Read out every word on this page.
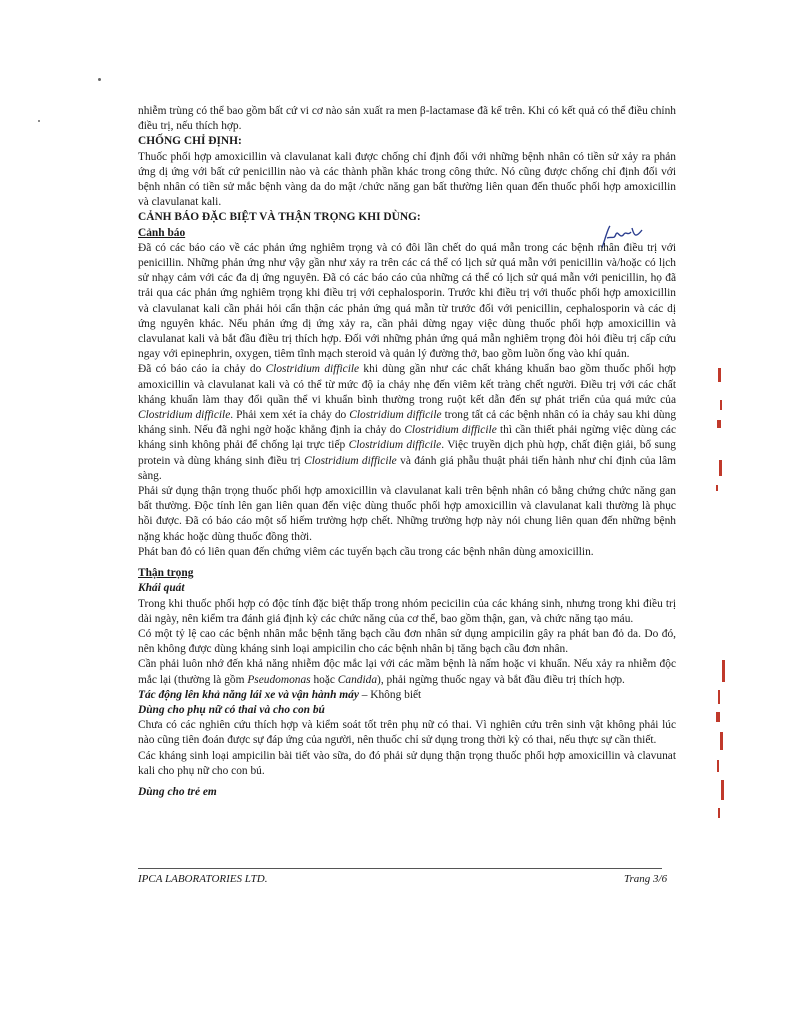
nhiễm trùng có thể bao gồm bất cứ vi cơ nào sản xuất ra men β-lactamase đã kể trên. Khi có kết quả có thể điều chỉnh điều trị, nếu thích hợp.

CHỐNG CHỈ ĐỊNH:

Thuốc phối hợp amoxicillin và clavulanat kali được chống chỉ định đối với những bệnh nhân có tiền sử xảy ra phản ứng dị ứng với bất cứ penicillin nào và các thành phần khác trong công thức. Nó cũng được chống chỉ định đối với bệnh nhân có tiền sử mắc bệnh vàng da do mật /chức năng gan bất thường liên quan đến thuốc phối hợp amoxicillin và clavulanat kali.

CẢNH BÁO ĐẶC BIỆT VÀ THẬN TRỌNG KHI DÙNG:

Cảnh báo

Đã có các báo cáo về các phản ứng nghiêm trọng và có đôi lần chết do quá mẫn trong các bệnh nhân điều trị với penicillin. Những phản ứng như vậy gần như xảy ra trên các cá thể có lịch sử quá mẫn với penicillin và/hoặc có lịch sử nhạy cảm với các đa dị ứng nguyên. Đã có các báo cáo của những cá thể có lịch sử quá mẫn với penicillin, họ đã trải qua các phản ứng nghiêm trọng khi điều trị với cephalosporin. Trước khi điều trị với thuốc phối hợp amoxicillin và clavulanat kali cần phải hỏi cẩn thận các phản ứng quá mẫn từ trước đối với penicillin, cephalosporin và các dị ứng nguyên khác. Nếu phản ứng dị ứng xảy ra, cần phải dừng ngay việc dùng thuốc phối hợp amoxicillin và clavulanat kali và bắt đầu điều trị thích hợp. Đối với những phản ứng quá mẫn nghiêm trọng đòi hỏi điều trị cấp cứu ngay với epinephrin, oxygen, tiêm tĩnh mạch steroid và quản lý đường thở, bao gồm luồn ống vào khí quản.

Đã có báo cáo ỉa chảy do Clostridium difficile khi dùng gần như các chất kháng khuẩn bao gồm thuốc phối hợp amoxicillin và clavulanat kali và có thể từ mức độ ỉa chảy nhẹ đến viêm kết tràng chết người. Điều trị với các chất kháng khuẩn làm thay đổi quần thể vi khuẩn bình thường trong ruột kết dẫn đến sự phát triển của quá mức của Clostridium difficile. Phải xem xét ỉa chảy do Clostridium difficile trong tất cả các bệnh nhân có ỉa chảy sau khi dùng kháng sinh. Nếu đã nghi ngờ hoặc khẳng định ỉa chảy do Clostridium difficile thì cần thiết phải ngừng việc dùng các kháng sinh không phải để chống lại trực tiếp Clostridium difficile. Việc truyền dịch phù hợp, chất điện giải, bổ sung protein và dùng kháng sinh điều trị Clostridium difficile và đánh giá phẫu thuật phải tiến hành như chỉ định của lâm sàng.

Phải sử dụng thận trọng thuốc phối hợp amoxicillin và clavulanat kali trên bệnh nhân có bằng chứng chức năng gan bất thường. Độc tính lên gan liên quan đến việc dùng thuốc phối hợp amoxicillin và clavulanat kali thường là phục hồi được. Đã có báo cáo một số hiếm trường hợp chết. Những trường hợp này nói chung liên quan đến những bệnh nặng khác hoặc dùng thuốc đồng thời.

Phát ban đỏ có liên quan đến chứng viêm các tuyến bạch cầu trong các bệnh nhân dùng amoxicillin.

Thận trọng

Khái quát

Trong khi thuốc phối hợp có độc tính đặc biệt thấp trong nhóm pecicilin của các kháng sinh, nhưng trong khi điều trị dài ngày, nên kiểm tra đánh giá định kỳ các chức năng của cơ thể, bao gồm thận, gan, và chức năng tạo máu.

Có một tỷ lệ cao các bệnh nhân mắc bệnh tăng bạch cầu đơn nhân sử dụng ampicilin gây ra phát ban đỏ da. Do đó, nên không được dùng kháng sinh loại ampicilin cho các bệnh nhân bị tăng bạch cầu đơn nhân.

Cần phải luôn nhớ đến khả năng nhiễm độc mắc lại với các mầm bệnh là nấm hoặc vi khuẩn. Nếu xảy ra nhiễm độc mắc lại (thường là gồm Pseudomonas hoặc Candida), phải ngừng thuốc ngay và bắt đầu điều trị thích hợp.

Tác động lên khả năng lái xe và vận hành máy – Không biết

Dùng cho phụ nữ có thai và cho con bú

Chưa có các nghiên cứu thích hợp và kiểm soát tốt trên phụ nữ có thai. Vì nghiên cứu trên sinh vật không phải lúc nào cũng tiên đoán được sự đáp ứng của người, nên thuốc chỉ sử dụng trong thời kỳ có thai, nếu thực sự cần thiết.

Các kháng sinh loại ampicilin bài tiết vào sữa, do đó phải sử dụng thận trọng thuốc phối hợp amoxicillin và clavunat kali cho phụ nữ cho con bú.

Dùng cho trẻ em

IPCA LABORATORIES LTD.	Trang 3/6
